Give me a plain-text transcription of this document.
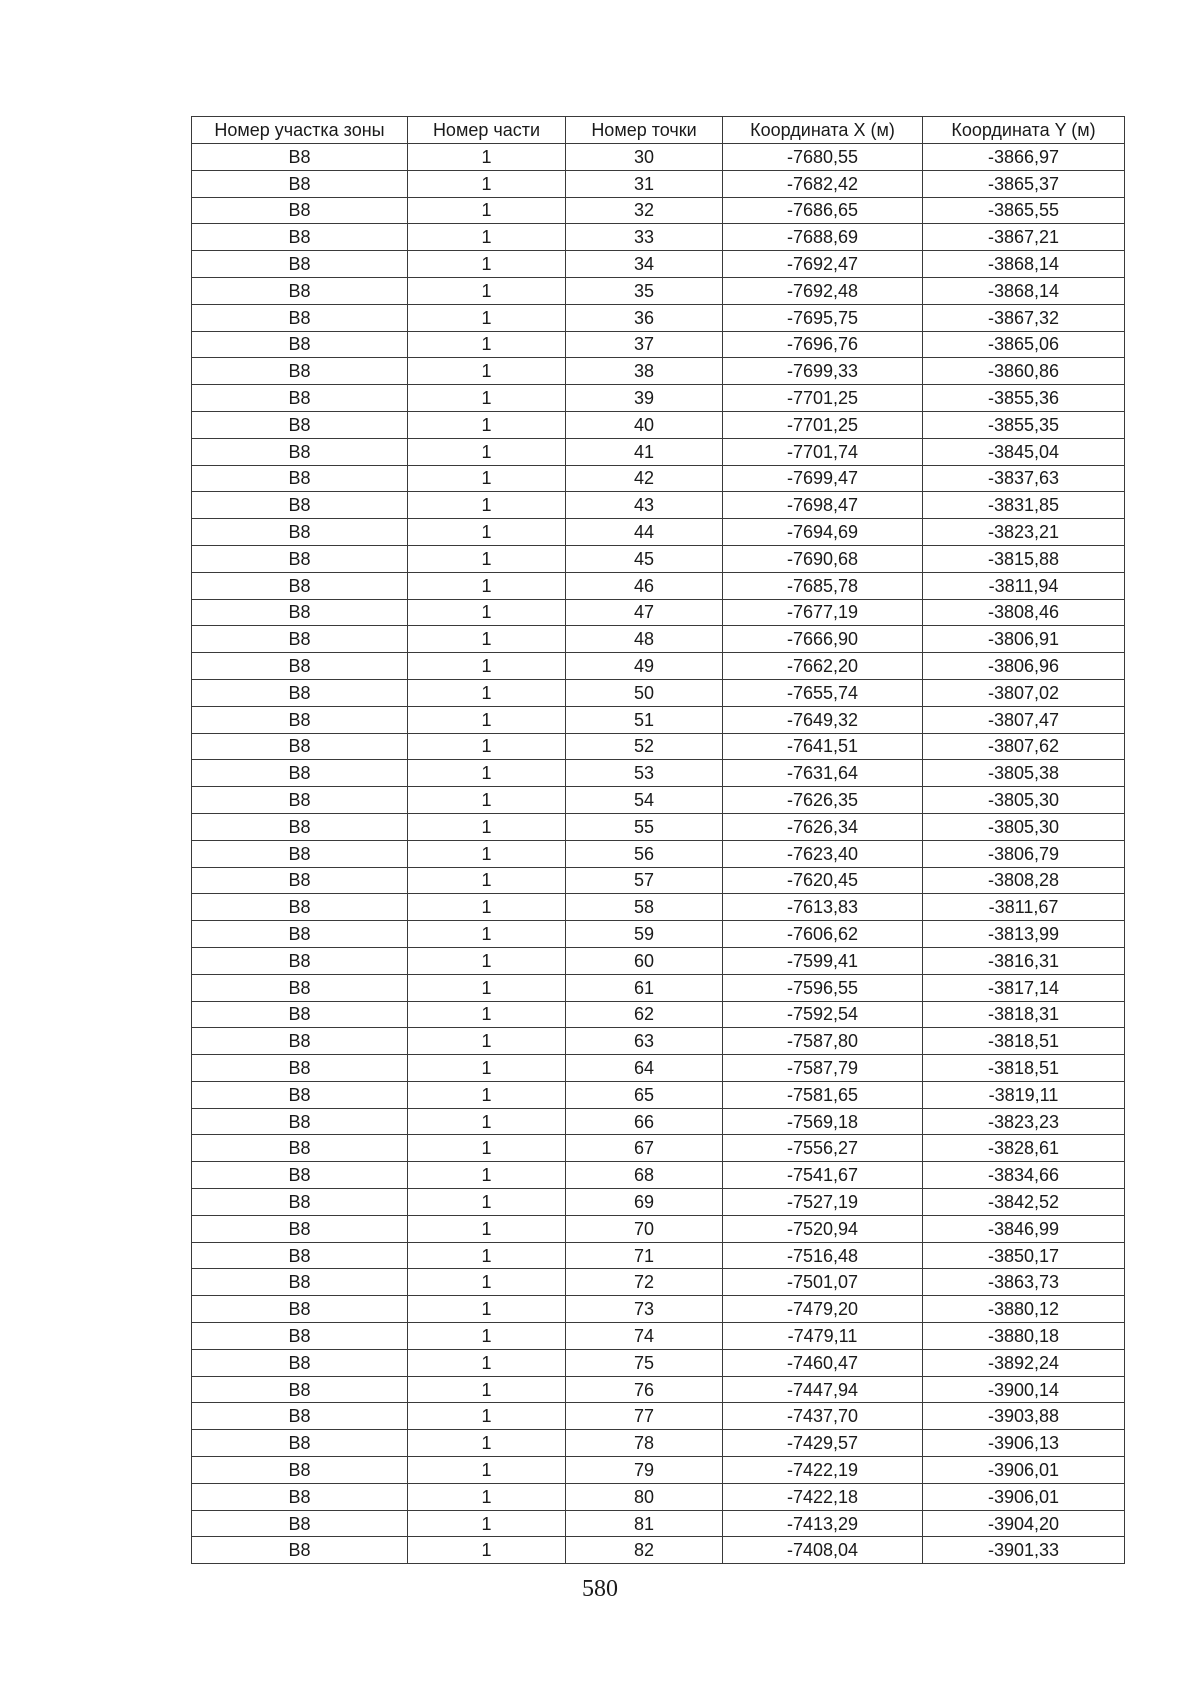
Номер участка зоны	Номер части	Номер точки	Координата X (м)	Координата Y (м)
В8	1	30	-7680,55	-3866,97
В8	1	31	-7682,42	-3865,37
В8	1	32	-7686,65	-3865,55
В8	1	33	-7688,69	-3867,21
В8	1	34	-7692,47	-3868,14
В8	1	35	-7692,48	-3868,14
В8	1	36	-7695,75	-3867,32
В8	1	37	-7696,76	-3865,06
В8	1	38	-7699,33	-3860,86
В8	1	39	-7701,25	-3855,36
В8	1	40	-7701,25	-3855,35
В8	1	41	-7701,74	-3845,04
В8	1	42	-7699,47	-3837,63
В8	1	43	-7698,47	-3831,85
В8	1	44	-7694,69	-3823,21
В8	1	45	-7690,68	-3815,88
В8	1	46	-7685,78	-3811,94
В8	1	47	-7677,19	-3808,46
В8	1	48	-7666,90	-3806,91
В8	1	49	-7662,20	-3806,96
В8	1	50	-7655,74	-3807,02
В8	1	51	-7649,32	-3807,47
В8	1	52	-7641,51	-3807,62
В8	1	53	-7631,64	-3805,38
В8	1	54	-7626,35	-3805,30
В8	1	55	-7626,34	-3805,30
В8	1	56	-7623,40	-3806,79
В8	1	57	-7620,45	-3808,28
В8	1	58	-7613,83	-3811,67
В8	1	59	-7606,62	-3813,99
В8	1	60	-7599,41	-3816,31
В8	1	61	-7596,55	-3817,14
В8	1	62	-7592,54	-3818,31
В8	1	63	-7587,80	-3818,51
В8	1	64	-7587,79	-3818,51
В8	1	65	-7581,65	-3819,11
В8	1	66	-7569,18	-3823,23
В8	1	67	-7556,27	-3828,61
В8	1	68	-7541,67	-3834,66
В8	1	69	-7527,19	-3842,52
В8	1	70	-7520,94	-3846,99
В8	1	71	-7516,48	-3850,17
В8	1	72	-7501,07	-3863,73
В8	1	73	-7479,20	-3880,12
В8	1	74	-7479,11	-3880,18
В8	1	75	-7460,47	-3892,24
В8	1	76	-7447,94	-3900,14
В8	1	77	-7437,70	-3903,88
В8	1	78	-7429,57	-3906,13
В8	1	79	-7422,19	-3906,01
В8	1	80	-7422,18	-3906,01
В8	1	81	-7413,29	-3904,20
В8	1	82	-7408,04	-3901,33
580
